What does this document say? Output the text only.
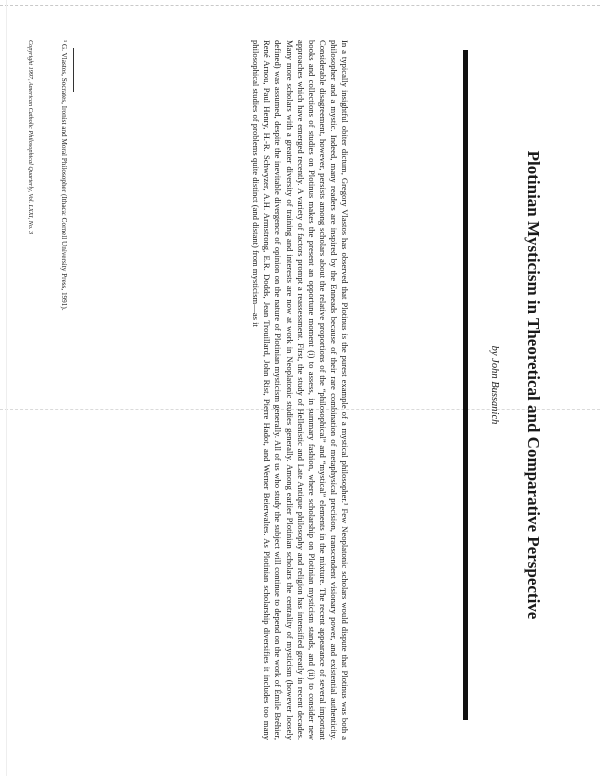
Plotinian Mysticism in Theoretical and Comparative Perspective
by John Bussanich

In a typically insightful obiter dictum, Gregory Vlastos has observed that Plotinus is the purest example of a mystical philosopher.¹ Few Neoplatonic scholars would dispute that Plotinus was both a philosopher and a mystic. Indeed, many readers are inspired by the Enneads because of their rare combination of metaphysical precision, transcendent visionary power, and existential authenticity. Considerable disagreement, however, persists among scholars about the relative proportions of the “philosophical” and “mystical” elements in the mixture. The recent appearance of several important books and collections of studies on Plotinus makes the present an opportune moment (i) to assess, in summary fashion, where scholarship on Plotinian mysticism stands, and (ii) to consider new approaches which have emerged recently. A variety of factors prompt a reassessment. First, the study of Hellenistic and Late Antique philosophy and religion has intensified greatly in recent decades. Many more scholars with a greater diversity of training and interests are now at work in Neoplatonic studies generally. Among earlier Plotinian scholars the centrality of mysticism (however loosely defined) was assumed, despite the inevitable divergence of opinion on the nature of Plotinian mysticism generally. All of us who study the subject will continue to depend on the work of Émile Bréhier, René Arnou, Paul Henry, H.-R. Schwyzer, A.H. Armstrong, E.R. Dodds, Jean Trouillard, John Rist, Pierre Hadot, and Werner Beierwaltes. As Plotinian scholarship diversifies it includes too many philosophical studies of problems quite distinct (and distant) from mysticism—as it

¹ G. Vlastos, Socrates, Ironist and Moral Philosopher (Ithaca: Cornell University Press, 1991).

Copyright 1997, American Catholic Philosophical Quarterly, Vol. LXXI, No. 3
